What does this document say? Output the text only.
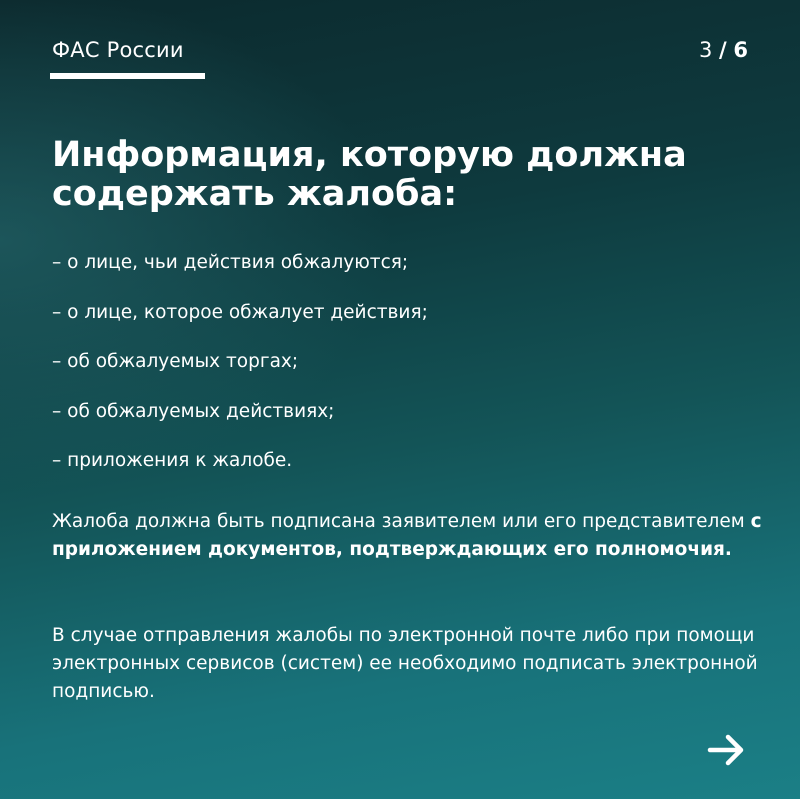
ФАС России	3 / 6
Информация, которую должна содержать жалоба:
– о лице, чьи действия обжалуются;
– о лице, которое обжалует действия;
– об обжалуемых торгах;
– об обжалуемых действиях;
– приложения к жалобе.
Жалоба должна быть подписана заявителем или его представителем с приложением документов, подтверждающих его полномочия.
В случае отправления жалобы по электронной почте либо при помощи электронных сервисов (систем) ее необходимо подписать электронной подписью.
